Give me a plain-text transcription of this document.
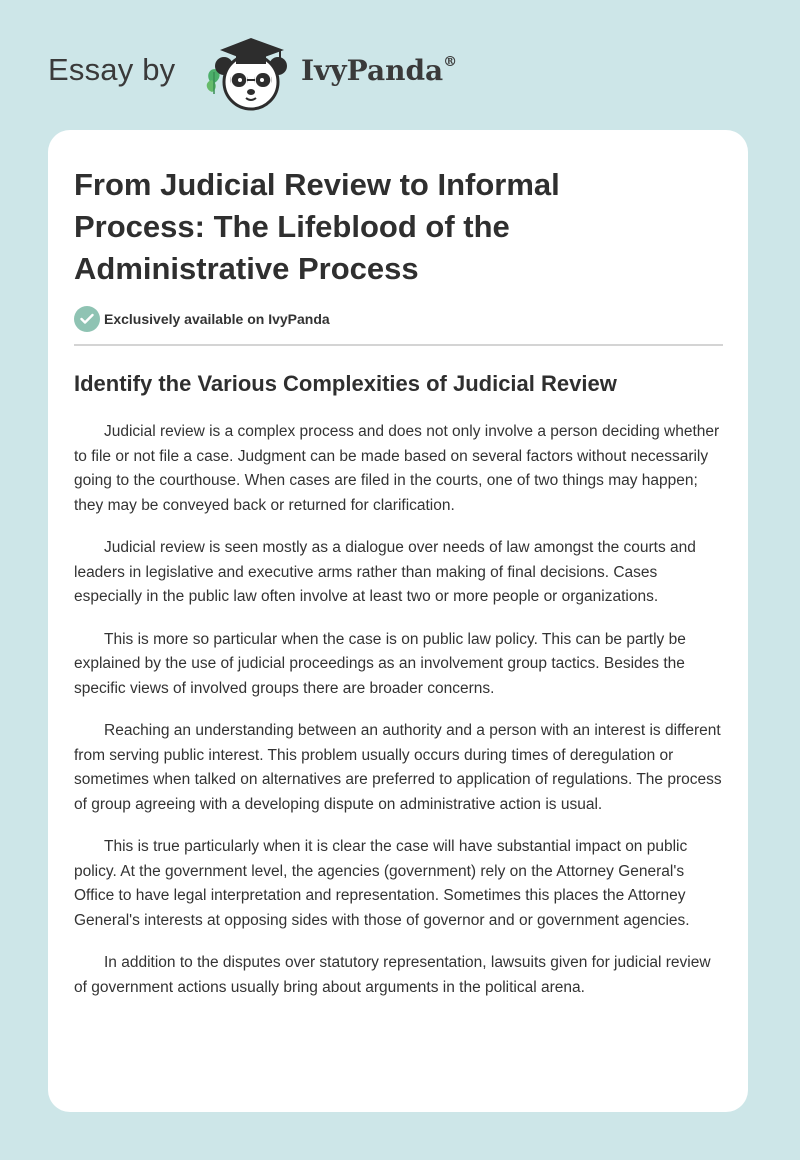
Essay by	IvyPanda®
From Judicial Review to Informal Process: The Lifeblood of the Administrative Process
Exclusively available on IvyPanda
Identify the Various Complexities of Judicial Review

Judicial review is a complex process and does not only involve a person deciding whether to file or not file a case. Judgment can be made based on several factors without necessarily going to the courthouse. When cases are filed in the courts, one of two things may happen; they may be conveyed back or returned for clarification.

Judicial review is seen mostly as a dialogue over needs of law amongst the courts and leaders in legislative and executive arms rather than making of final decisions. Cases especially in the public law often involve at least two or more people or organizations.

This is more so particular when the case is on public law policy. This can be partly be explained by the use of judicial proceedings as an involvement group tactics. Besides the specific views of involved groups there are broader concerns.

Reaching an understanding between an authority and a person with an interest is different from serving public interest. This problem usually occurs during times of deregulation or sometimes when talked on alternatives are preferred to application of regulations. The process of group agreeing with a developing dispute on administrative action is usual.

This is true particularly when it is clear the case will have substantial impact on public policy. At the government level, the agencies (government) rely on the Attorney General's Office to have legal interpretation and representation. Sometimes this places the Attorney General's interests at opposing sides with those of governor and or government agencies.

In addition to the disputes over statutory representation, lawsuits given for judicial review of government actions usually bring about arguments in the political arena.
